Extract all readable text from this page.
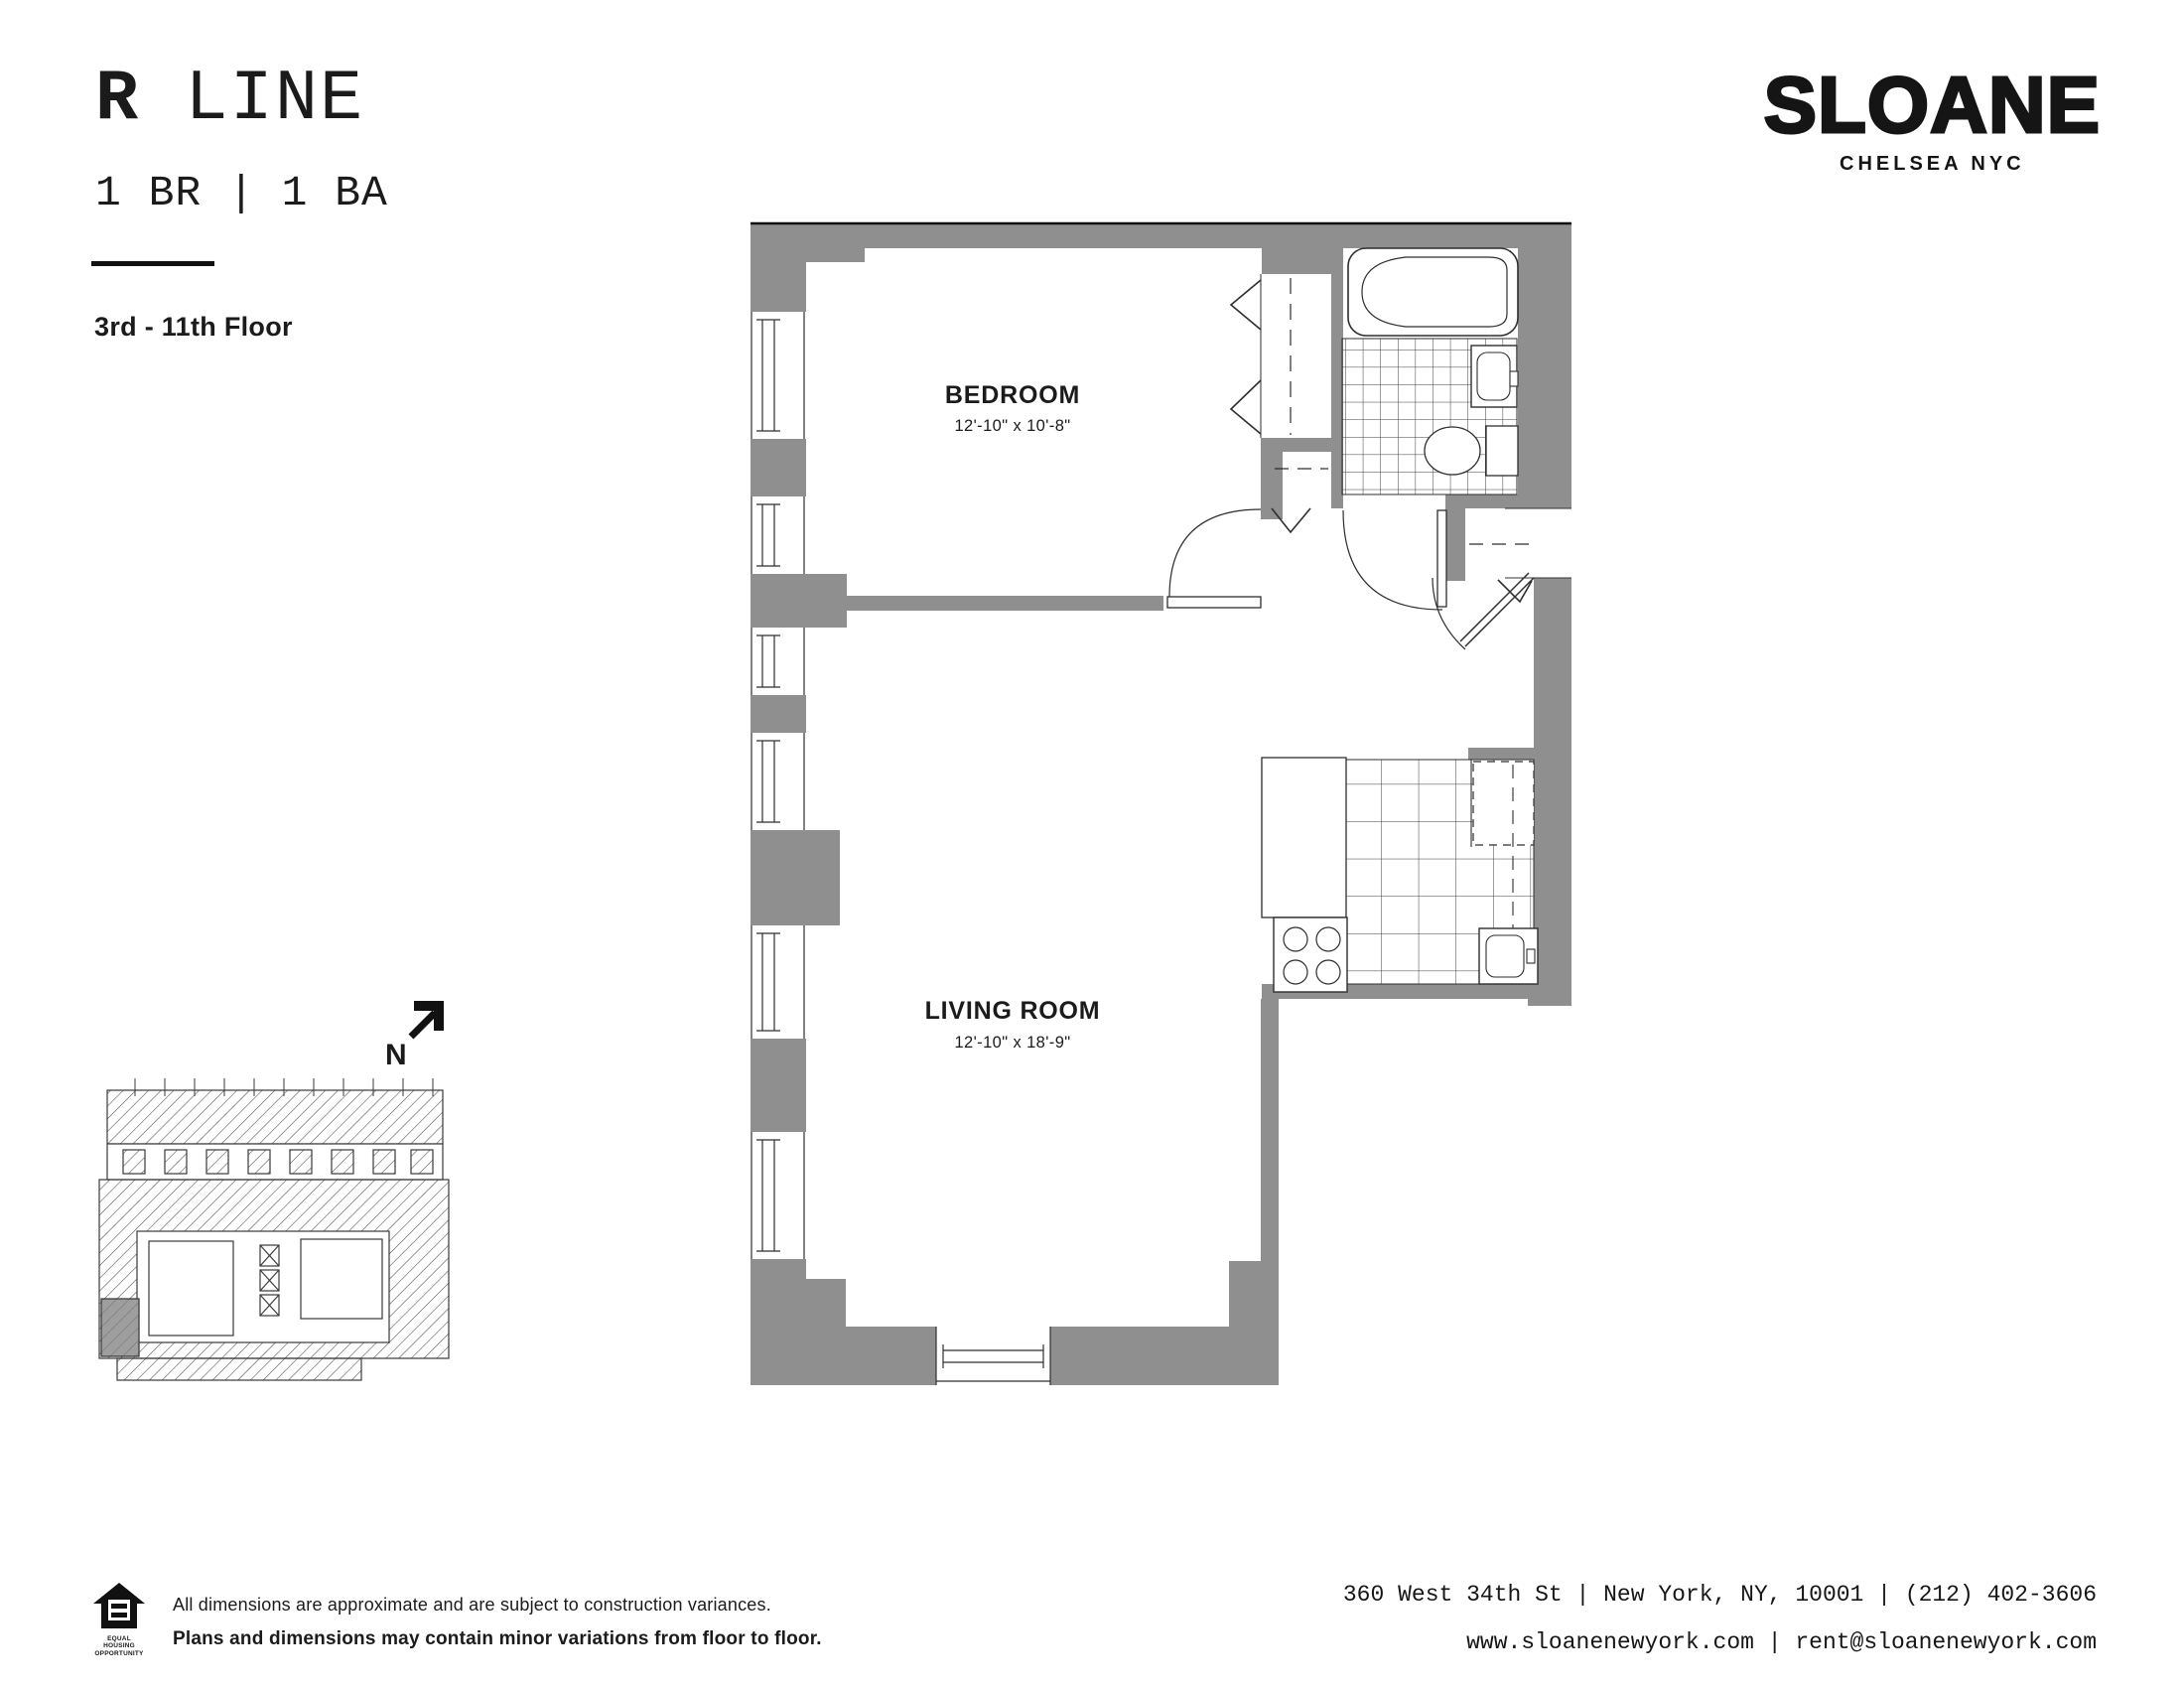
N
BEDROOM
12'-10" x 10'-8"
LIVING ROOM
12'-10" x 18'-9"
R LINE
1 BR | 1 BA
3rd - 11th Floor
SLOANE
CHELSEA NYC
EQUAL HOUSING
OPPORTUNITY
All dimensions are approximate and are subject to construction variances.
Plans and dimensions may contain minor variations from floor to floor.
360 West 34th St | New York, NY, 10001 | (212) 402-3606
www.sloanenewyork.com | rent@sloanenewyork.com
